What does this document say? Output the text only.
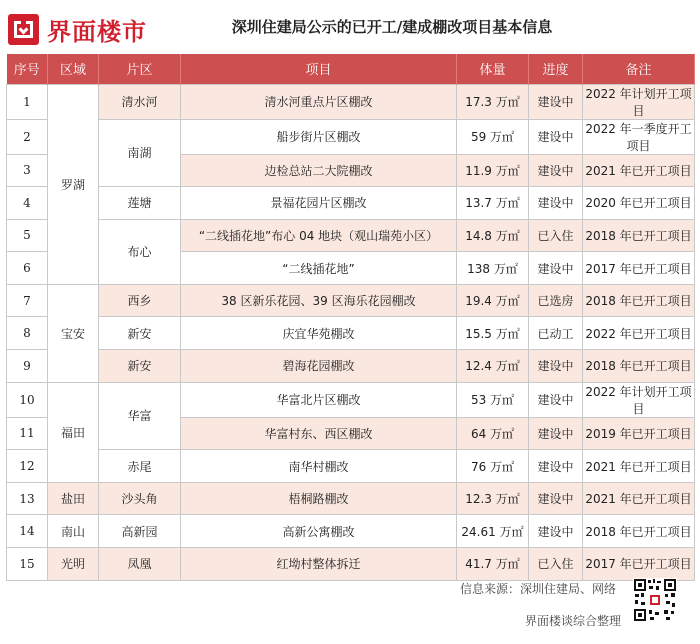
界面楼市	深圳住建局公示的已开工/建成棚改项目基本信息
序号	区域	片区	项目	体量	进度	备注
1	罗湖	清水河	清水河重点片区棚改	17.3 万㎡	建设中	2022 年计划开工项目
2		南湖	船步街片区棚改	59 万㎡	建设中	2022 年一季度开工项目
3			边检总站二大院棚改	11.9 万㎡	建设中	2021 年已开工项目
4		莲塘	景福花园片区棚改	13.7 万㎡	建设中	2020 年已开工项目
5		布心	“二线插花地”布心 04 地块（观山瑞苑小区）	14.8 万㎡	已入住	2018 年已开工项目
6			“二线插花地”	138 万㎡	建设中	2017 年已开工项目
7	宝安	西乡	38 区新乐花园、39 区海乐花园棚改	19.4 万㎡	已选房	2018 年已开工项目
8		新安	庆宜华苑棚改	15.5 万㎡	已动工	2022 年已开工项目
9		新安	碧海花园棚改	12.4 万㎡	建设中	2018 年已开工项目
10	福田	华富	华富北片区棚改	53 万㎡	建设中	2022 年计划开工项目
11			华富村东、西区棚改	64 万㎡	建设中	2019 年已开工项目
12		赤尾	南华村棚改	76 万㎡	建设中	2021 年已开工项目
13	盐田	沙头角	梧桐路棚改	12.3 万㎡	建设中	2021 年已开工项目
14	南山	高新园	高新公寓棚改	24.61 万㎡	建设中	2018 年已开工项目
15	光明	凤凰	红坳村整体拆迁	41.7 万㎡	已入住	2017 年已开工项目
信息来源：深圳住建局、网络
界面楼谈综合整理
